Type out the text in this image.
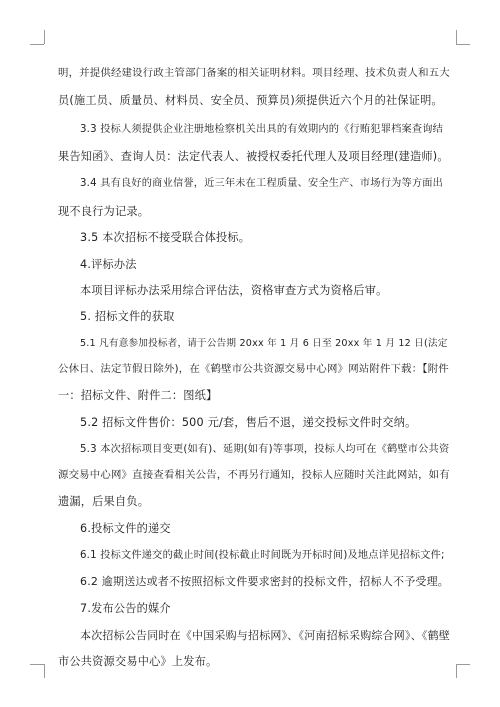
明，并提供经建设行政主管部门备案的相关证明材料。项目经理、技术负责人和五大
员(施工员、质量员、材料员、安全员、预算员)须提供近六个月的社保证明。
3.3 投标人须提供企业注册地检察机关出具的有效期内的《行贿犯罪档案查询结
果告知函》、查询人员：法定代表人、被授权委托代理人及项目经理(建造师)。
3.4 具有良好的商业信誉，近三年未在工程质量、安全生产、市场行为等方面出
现不良行为记录。
3.5 本次招标不接受联合体投标。
4.评标办法
本项目评标办法采用综合评估法，资格审查方式为资格后审。
5. 招标文件的获取
5.1 凡有意参加投标者，请于公告期 20xx 年 1 月 6 日至 20xx 年 1 月 12 日(法定
公休日、法定节假日除外)，在《鹤壁市公共资源交易中心网》网站附件下载：【附件
一：招标文件、附件二：图纸】
5.2 招标文件售价：500 元/套，售后不退，递交投标文件时交纳。
5.3 本次招标项目变更(如有)、延期(如有)等事项，投标人均可在《鹤壁市公共资
源交易中心网》直接查看相关公告，不再另行通知，投标人应随时关注此网站，如有
遗漏，后果自负。
6.投标文件的递交
6.1 投标文件递交的截止时间(投标截止时间既为开标时间)及地点详见招标文件;
6.2 逾期送达或者不按照招标文件要求密封的投标文件，招标人不予受理。
7.发布公告的媒介
本次招标公告同时在《中国采购与招标网》、《河南招标采购综合网》、《鹤壁
市公共资源交易中心》上发布。
